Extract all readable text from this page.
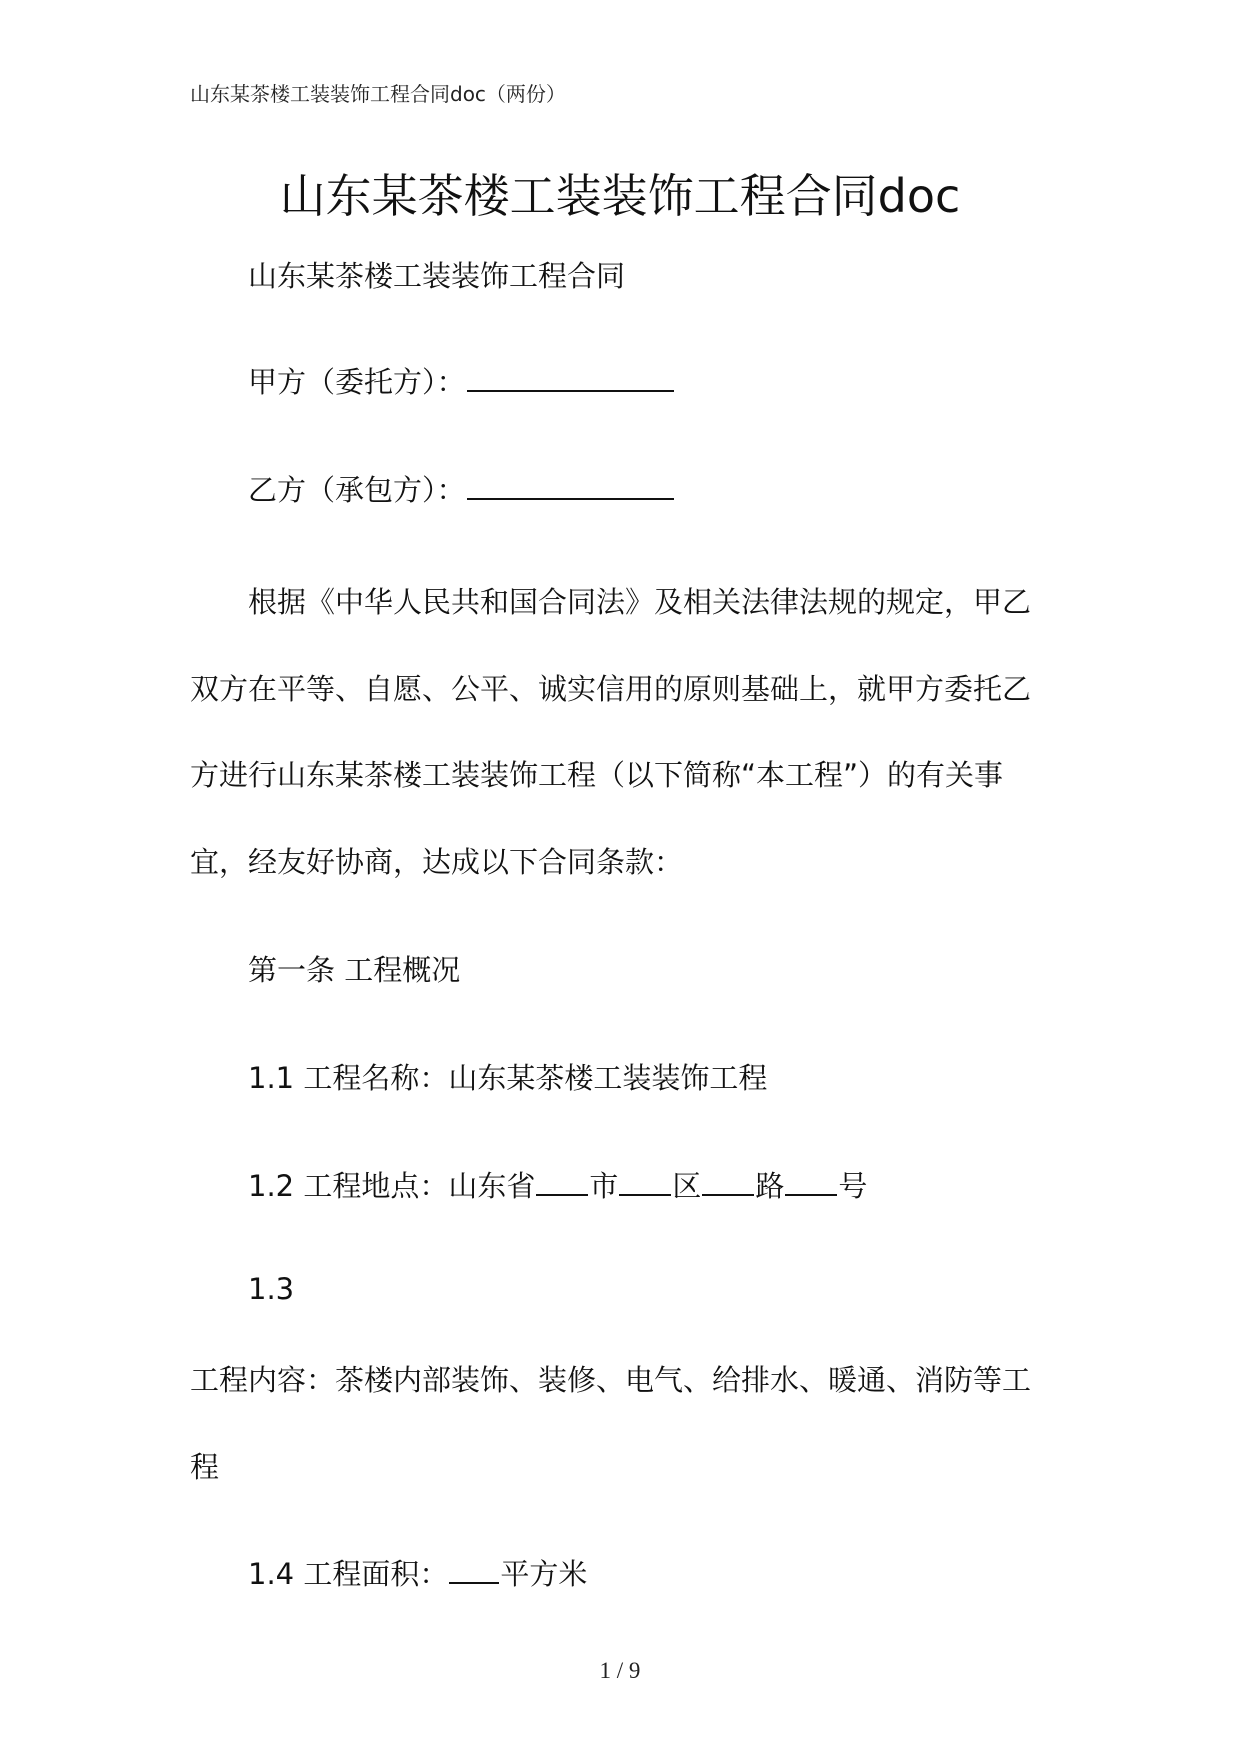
山东某茶楼工装装饰工程合同doc（两份）
山东某茶楼工装装饰工程合同doc
山东某茶楼工装装饰工程合同
甲方（委托方）：
乙方（承包方）：
根据《中华人民共和国合同法》及相关法律法规的规定，甲乙
双方在平等、自愿、公平、诚实信用的原则基础上，就甲方委托乙
方进行山东某茶楼工装装饰工程（以下简称“本工程”）的有关事
宜，经友好协商，达成以下合同条款：
第一条 工程概况
1.1 工程名称：山东某茶楼工装装饰工程
1.2 工程地点：山东省 市 区 路 号
1.3
工程内容：茶楼内部装饰、装修、电气、给排水、暖通、消防等工
程
1.4 工程面积： 平方米
1 / 9
